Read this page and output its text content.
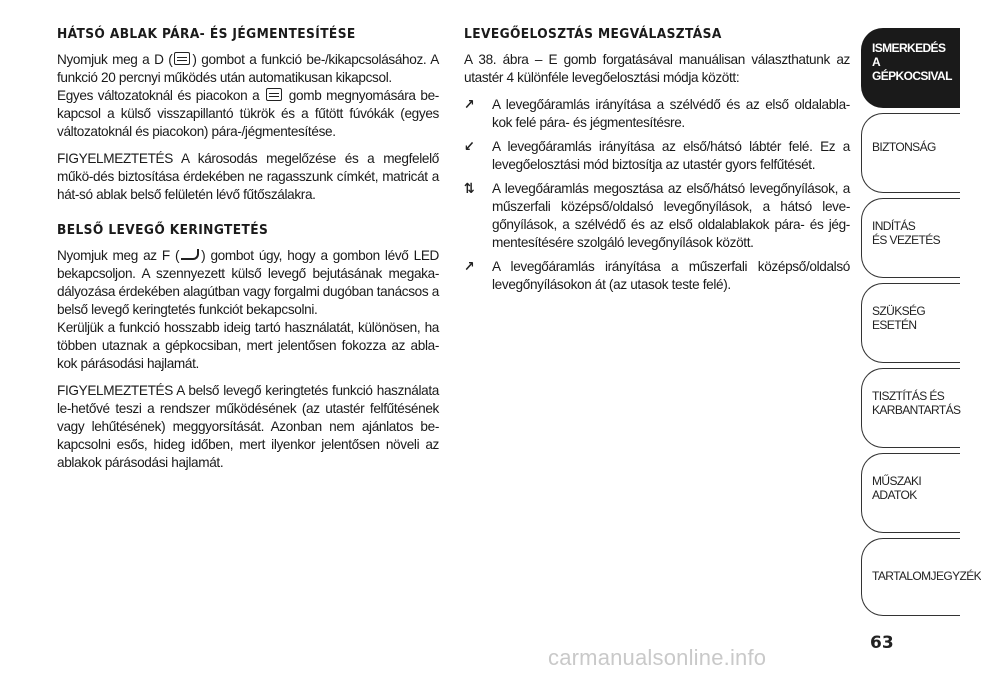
HÁTSÓ ABLAK PÁRA- ÉS JÉGMENTESÍTÉSE

Nyomjuk meg a D ( ) gombot a funkció be-/kikapcsolásához. A funkció 20 percnyi működés után automatikusan kikapcsol.
Egyes változatoknál és piacokon a  gomb megnyomására be-kapcsol a külső visszapillantó tükrök és a fűtött fúvókák (egyes változatoknál és piacokon) pára-/jégmentesítése.

FIGYELMEZTETÉS A károsodás megelőzése és a megfelelő műkö-dés biztosítása érdekében ne ragasszunk címkét, matricát a hát-só ablak belső felületén lévő fűtőszálakra.

BELSŐ LEVEGŐ KERINGTETÉS

Nyomjuk meg az F ( ) gombot úgy, hogy a gombon lévő LED bekapcsoljon. A szennyezett külső levegő bejutásának megaka-dályozása érdekében alagútban vagy forgalmi dugóban tanácsos a belső levegő keringtetés funkciót bekapcsolni.
Kerüljük a funkció hosszabb ideig tartó használatát, különösen, ha többen utaznak a gépkocsiban, mert jelentősen fokozza az abla-kok párásodási hajlamát.

FIGYELMEZTETÉS A belső levegő keringtetés funkció használata le-hetővé teszi a rendszer működésének (az utastér felfűtésének vagy lehűtésének) meggyorsítását. Azonban nem ajánlatos be-kapcsolni esős, hideg időben, mert ilyenkor jelentősen növeli az ablakok párásodási hajlamát.

LEVEGŐELOSZTÁS MEGVÁLASZTÁSA

A 38. ábra – E gomb forgatásával manuálisan választhatunk az utastér 4 különféle levegőelosztási módja között:

↗	A levegőáramlás irányítása a szélvédő és az első oldalabla-kok felé pára- és jégmentesítésre.

↙	A levegőáramlás irányítása az első/hátsó lábtér felé. Ez a levegőelosztási mód biztosítja az utastér gyors felfűtését.

⇅	A levegőáramlás megosztása az első/hátsó levegőnyílások, a műszerfali középső/oldalsó levegőnyílások, a hátsó leve-gőnyílások, a szélvédő és az első oldalablakok pára- és jég-mentesítésére szolgáló levegőnyílások között.

↗	A levegőáramlás irányítása a műszerfali középső/oldalsó levegőnyílásokon át (az utasok teste felé).

ISMERKEDÉS
A GÉPKOCSIVAL
BIZTONSÁG
INDÍTÁS
ÉS VEZETÉS
SZÜKSÉG
ESETÉN
TISZTÍTÁS ÉS
KARBANTARTÁS
MŰSZAKI
ADATOK
TARTALOMJEGYZÉK
63
carmanualsonline.info
